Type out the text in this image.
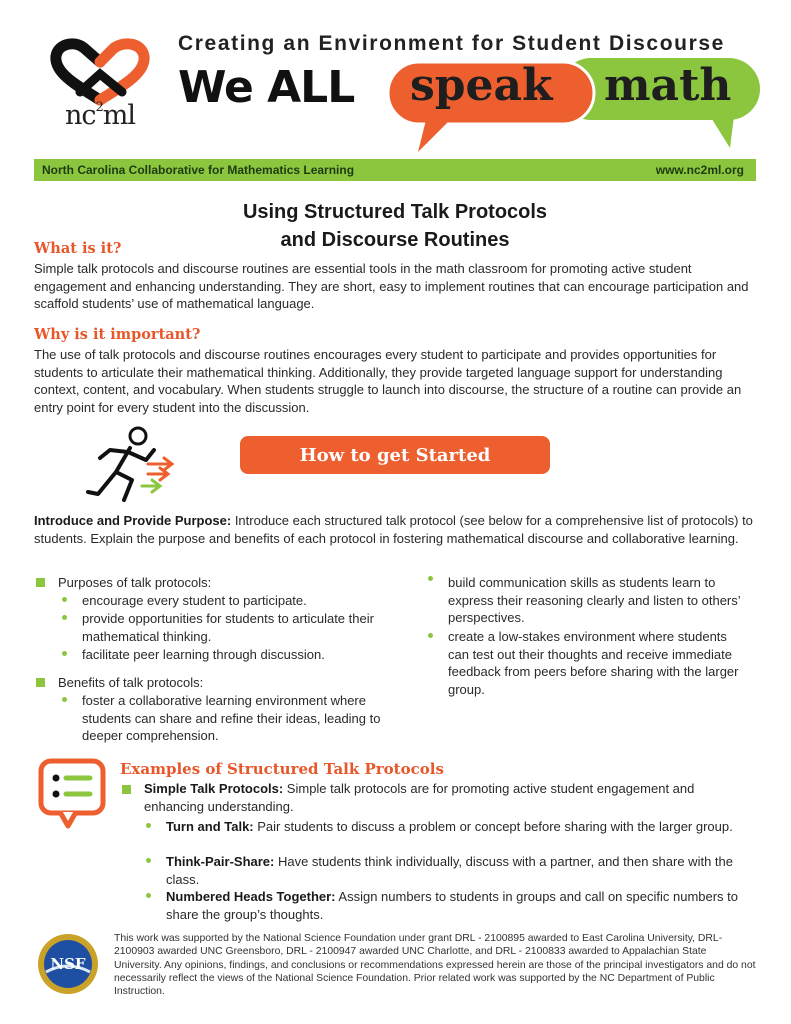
$nc^2ml$
Creating an Environment for Student Discourse
We ALL speak math
North Carolina Collaborative for Mathematics Learning	www.nc2ml.org
Using Structured Talk Protocols
and Discourse Routines
What is it?
Simple talk protocols and discourse routines are essential tools in the math classroom for promoting active student engagement and enhancing understanding. They are short, easy to implement routines that can encourage participation and scaffold students’ use of mathematical language.
Why is it important?
The use of talk protocols and discourse routines encourages every student to participate and provides opportunities for students to articulate their mathematical thinking. Additionally, they provide targeted language support for understanding context, content, and vocabulary. When students struggle to launch into discourse, the structure of a routine can provide an entry point for every student into the discussion.
How to get Started
Introduce and Provide Purpose: Introduce each structured talk protocol (see below for a comprehensive list of protocols) to students. Explain the purpose and benefits of each protocol in fostering mathematical discourse and collaborative learning.
Purposes of talk protocols:
encourage every student to participate.
provide opportunities for students to articulate their mathematical thinking.
facilitate peer learning through discussion.
Benefits of talk protocols:
foster a collaborative learning environment where students can share and refine their ideas, leading to deeper comprehension.
build communication skills as students learn to express their reasoning clearly and listen to others’ perspectives.
create a low-stakes environment where students can test out their thoughts and receive immediate feedback from peers before sharing with the larger group.
Examples of Structured Talk Protocols
Simple Talk Protocols: Simple talk protocols are for promoting active student engagement and enhancing understanding.
Turn and Talk: Pair students to discuss a problem or concept before sharing with the larger group.
Think-Pair-Share: Have students think individually, discuss with a partner, and then share with the class.
Numbered Heads Together: Assign numbers to students in groups and call on specific numbers to share the group’s thoughts.
NSF
This work was supported by the National Science Foundation under grant DRL - 2100895 awarded to East Carolina University, DRL-2100903 awarded UNC Greensboro, DRL - 2100947 awarded UNC Charlotte, and DRL - 2100833 awarded to Appalachian State University. Any opinions, findings, and conclusions or recommendations expressed herein are those of the principal investigators and do not necessarily reflect the views of the National Science Foundation. Prior related work was supported by the NC Department of Public Instruction.
